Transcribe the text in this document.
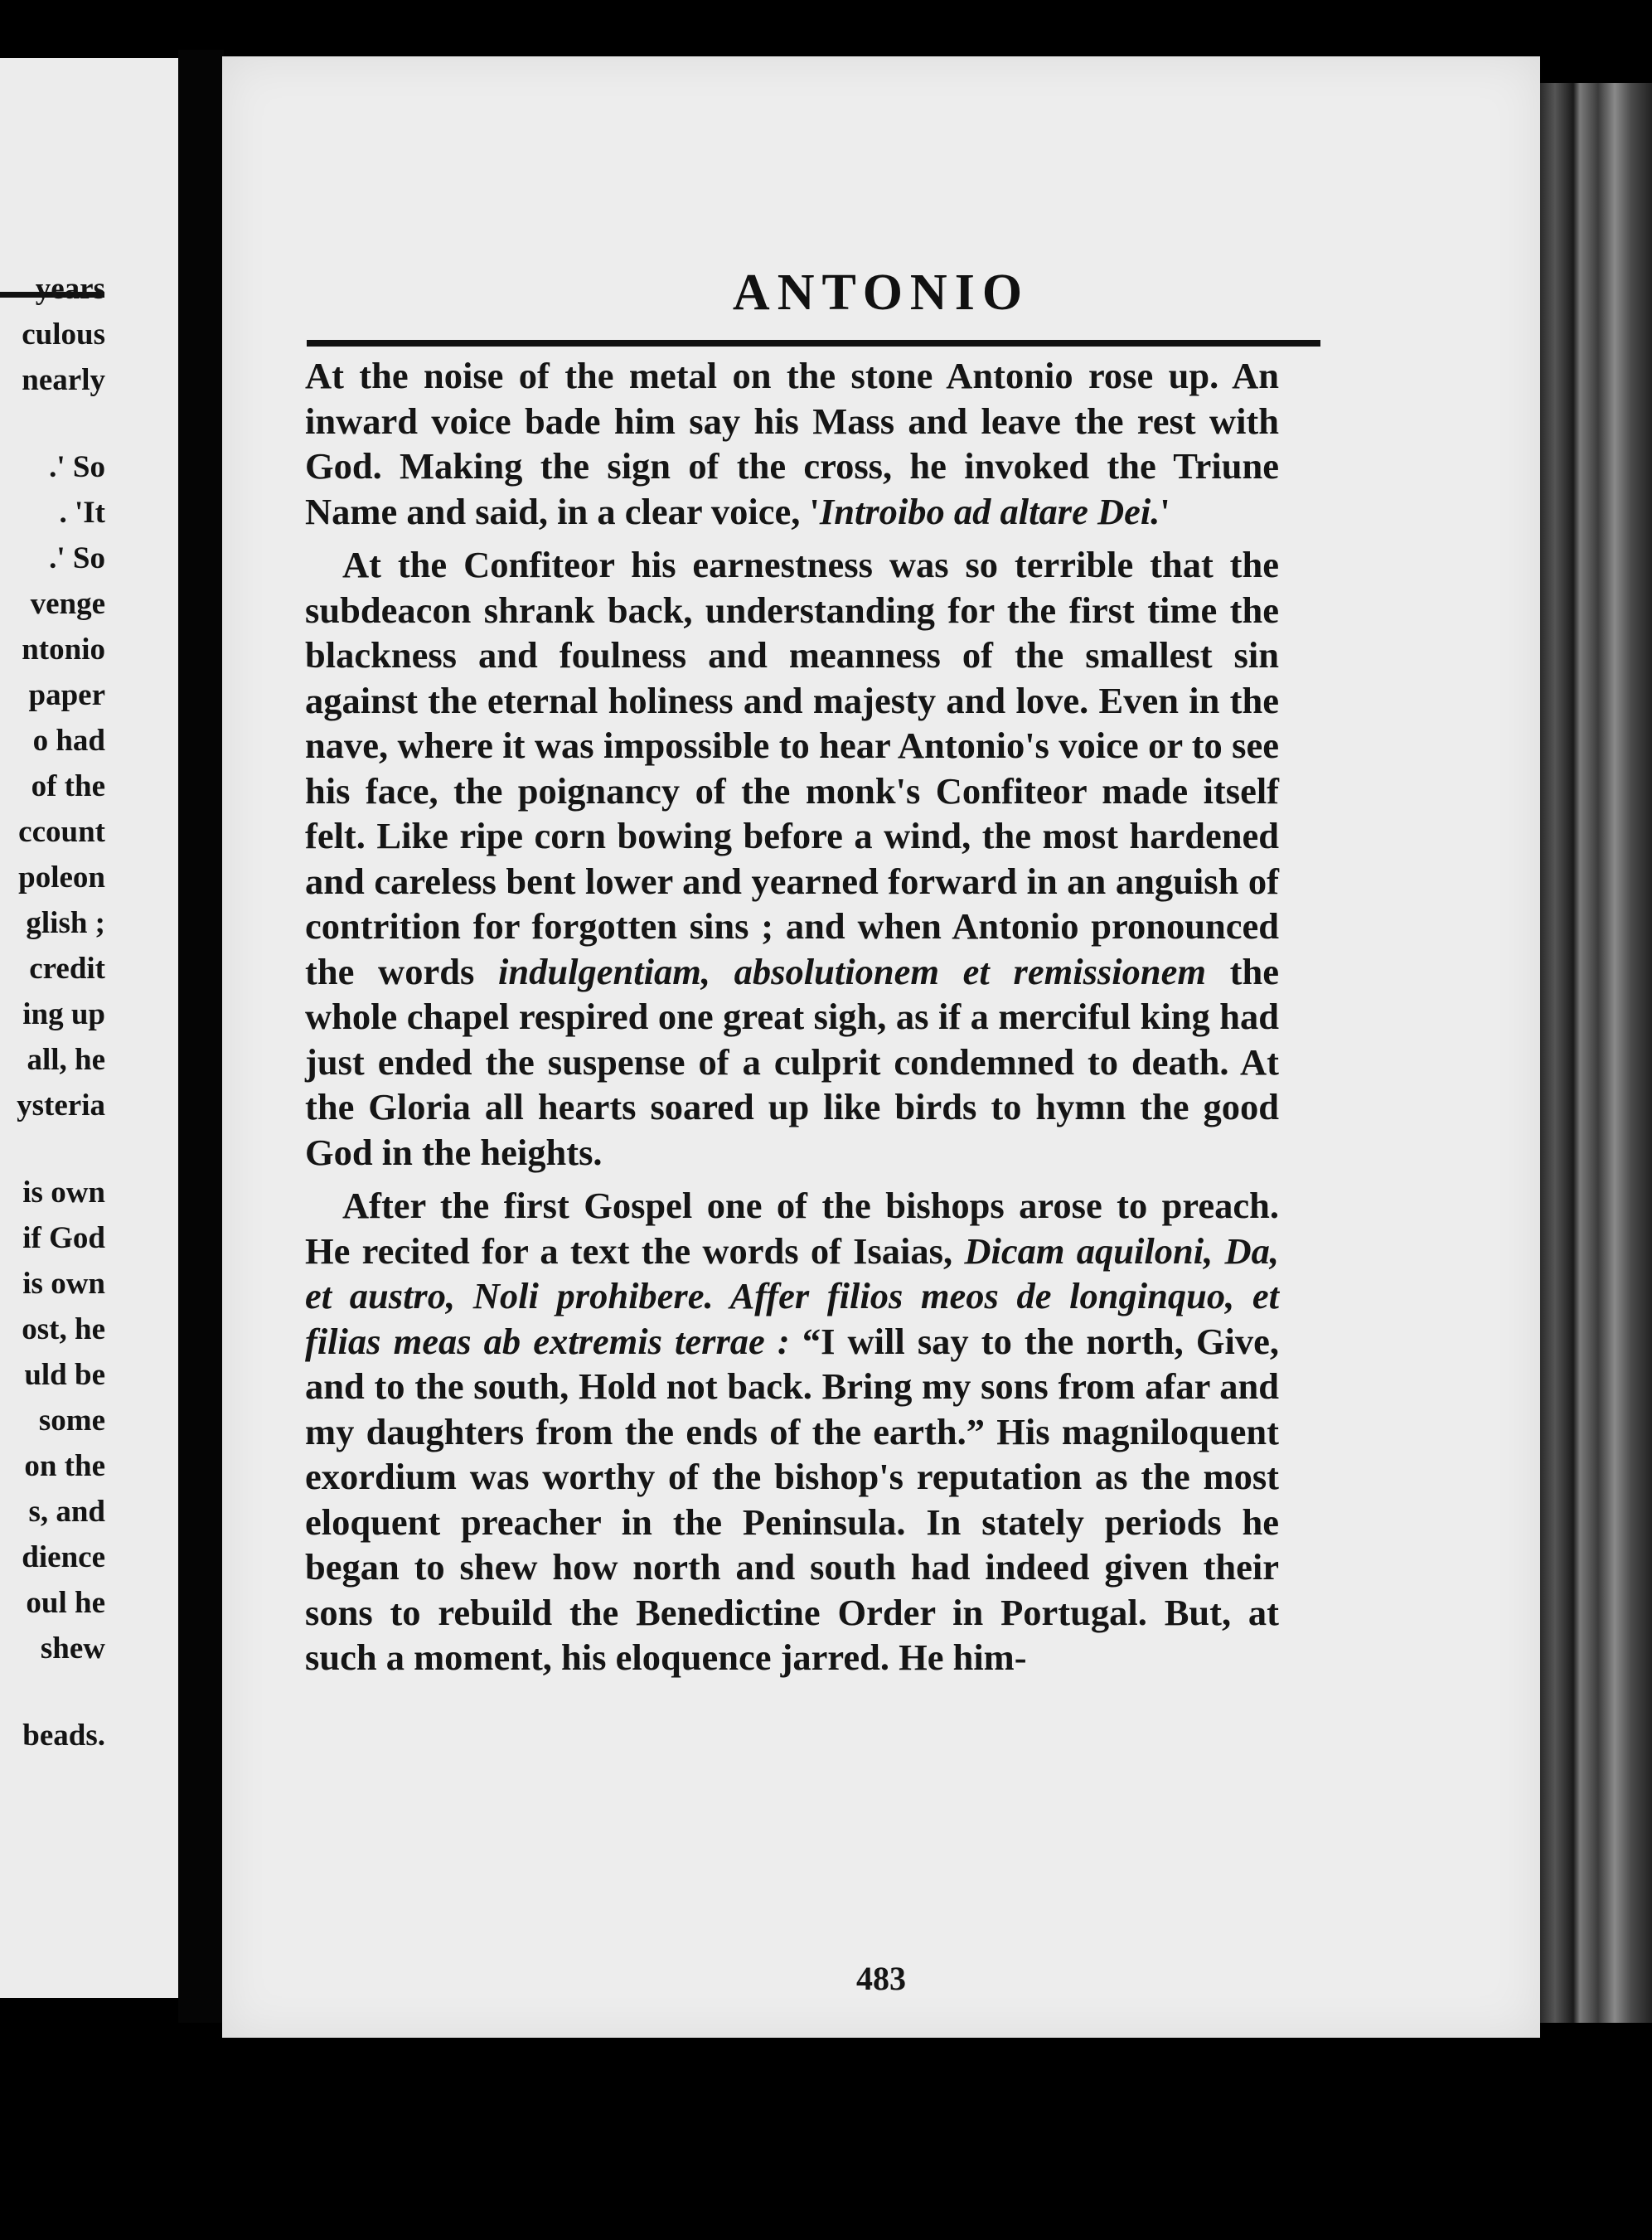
years
culous
nearly
.' So
. 'It
.' So
venge
ntonio
paper
o had
of the
ccount
poleon
glish ;
credit
ing up
all, he
ysteria
is own
if God
is own
ost, he
uld be
some
on the
s, and
dience
oul he
shew
beads.
ANTONIO

At the noise of the metal on the stone Antonio rose up. An inward voice bade him say his Mass and leave the rest with God. Making the sign of the cross, he invoked the Triune Name and said, in a clear voice, 'Introibo ad altare Dei.'

At the Confiteor his earnestness was so terrible that the subdeacon shrank back, understanding for the first time the blackness and foulness and meanness of the smallest sin against the eternal holiness and majesty and love. Even in the nave, where it was impossible to hear Antonio's voice or to see his face, the poignancy of the monk's Confiteor made itself felt. Like ripe corn bowing before a wind, the most hardened and careless bent lower and yearned forward in an anguish of contrition for forgotten sins ; and when Antonio pronounced the words indulgentiam, absolutionem et remissionem the whole chapel respired one great sigh, as if a merciful king had just ended the suspense of a culprit condemned to death. At the Gloria all hearts soared up like birds to hymn the good God in the heights.

After the first Gospel one of the bishops arose to preach. He recited for a text the words of Isaias, Dicam aquiloni, Da, et austro, Noli prohibere. Affer filios meos de longinquo, et filias meas ab extremis terrae : “I will say to the north, Give, and to the south, Hold not back. Bring my sons from afar and my daughters from the ends of the earth.” His magniloquent exordium was worthy of the bishop's reputation as the most eloquent preacher in the Peninsula. In stately periods he began to shew how north and south had indeed given their sons to rebuild the Benedictine Order in Portugal. But, at such a moment, his eloquence jarred. He him-

483
